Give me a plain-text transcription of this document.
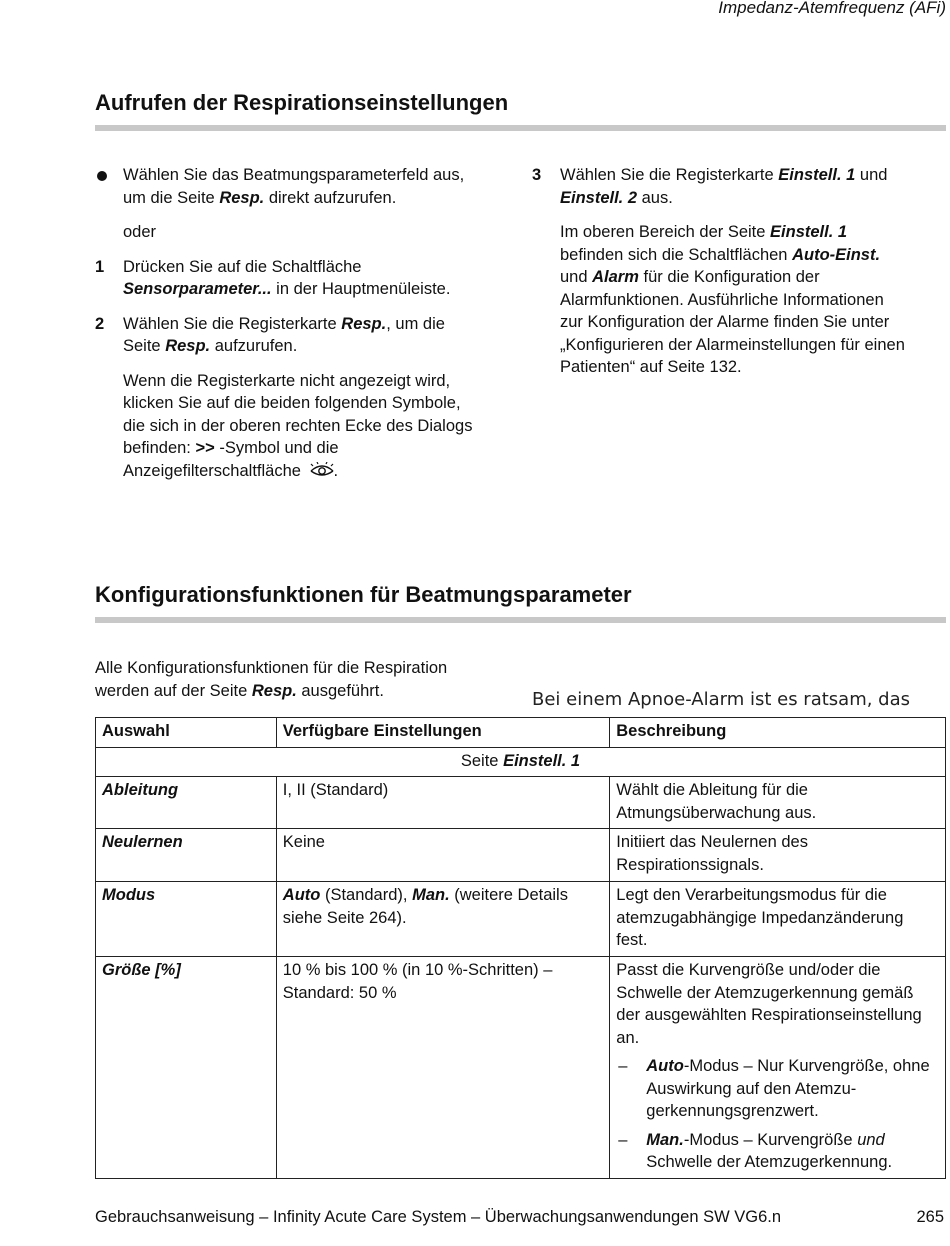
Impedanz-Atemfrequenz (AFi)
Aufrufen der Respirationseinstellungen
Wählen Sie das Beatmungsparameterfeld aus,
um die Seite Resp. direkt aufzurufen.
oder
1 Drücken Sie auf die Schaltfläche
Sensorparameter... in der Hauptmenüleiste.
2 Wählen Sie die Registerkarte Resp., um die
Seite Resp. aufzurufen.
Wenn die Registerkarte nicht angezeigt wird,
klicken Sie auf die beiden folgenden Symbole,
die sich in der oberen rechten Ecke des Dialogs
befinden: >> -Symbol und die
Anzeigefilterschaltfläche .
3 Wählen Sie die Registerkarte Einstell. 1 und
Einstell. 2 aus.
Im oberen Bereich der Seite Einstell. 1
befinden sich die Schaltflächen Auto-Einst.
und Alarm für die Konfiguration der
Alarmfunktionen. Ausführliche Informationen
zur Konfiguration der Alarme finden Sie unter
„Konfigurieren der Alarmeinstellungen für einen
Patienten“ auf Seite 132.
Konfigurationsfunktionen für Beatmungsparameter
Alle Konfigurationsfunktionen für die Respiration
werden auf der Seite Resp. ausgeführt.	Bei einem Apnoe-Alarm ist es ratsam, das
Auswahl	Verfügbare Einstellungen	Beschreibung
Seite Einstell. 1		
Ableitung	I, II (Standard)	Wählt die Ableitung für die Atmungsüberwachung aus.
Neulernen	Keine	Initiiert das Neulernen des Respirationssignals.
Modus	Auto (Standard), Man. (weitere Details siehe Seite 264).	Legt den Verarbeitungsmodus für die atemzugabhängige Impedanzänderung fest.
Größe [%]	10 % bis 100 % (in 10 %-Schritten) – Standard: 50 %	Passt die Kurvengröße und/oder die Schwelle der Atemzugerkennung gemäß der ausgewählten Respirationseinstellung an.
– Auto-Modus – Nur Kurvengröße, ohne Auswirkung auf den Atemzu-gerkennungsgrenzwert.
– Man.-Modus – Kurvengröße und Schwelle der Atemzugerkennung.
Gebrauchsanweisung – Infinity Acute Care System – Überwachungsanwendungen SW VG6.n	265
